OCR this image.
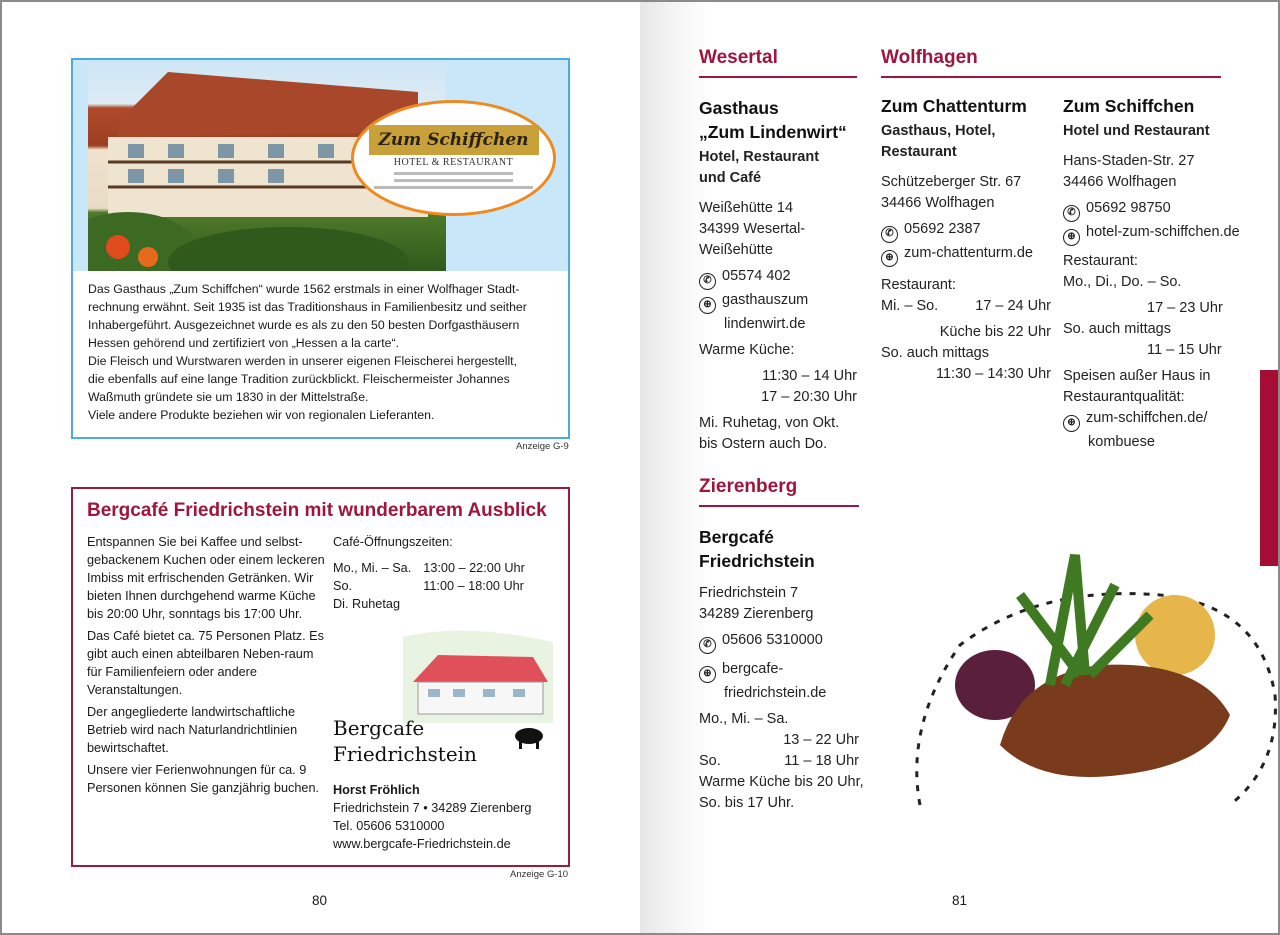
Zum Schiffchen
HOTEL & RESTAURANT
Das Gasthaus „Zum Schiffchen“ wurde 1562 erstmals in einer Wolfhager Stadt-
rechnung erwähnt. Seit 1935 ist das Traditionshaus in Familienbesitz und seither
Inhabergeführt. Ausgezeichnet wurde es als zu den 50 besten Dorfgasthäusern
Hessen gehörend und zertifiziert von „Hessen a la carte“.
Die Fleisch und Wurstwaren werden in unserer eigenen Fleischerei hergestellt,
die ebenfalls auf eine lange Tradition zurückblickt. Fleischermeister Johannes
Waßmuth gründete sie um 1830 in der Mittelstraße.
Viele andere Produkte beziehen wir von regionalen Lieferanten.
Anzeige G-9
Bergcafé Friedrichstein mit wunderbarem Ausblick

Entspannen Sie bei Kaffee und selbst-gebackenem Kuchen oder einem leckeren Imbiss mit erfrischenden Getränken. Wir bieten Ihnen durchgehend warme Küche bis 20:00 Uhr, sonntags bis 17:00 Uhr.

Das Café bietet ca. 75 Personen Platz. Es gibt auch einen abteilbaren Neben-raum für Familienfeiern oder andere Veranstaltungen.

Der angegliederte landwirtschaftliche Betrieb wird nach Naturlandrichtlinien bewirtschaftet.

Unsere vier Ferienwohnungen für ca. 9 Personen können Sie ganzjährig buchen.

Café-Öffnungszeiten:
Mo., Mi. – Sa.	13:00 – 22:00 Uhr
So.	11:00 – 18:00 Uhr
Di. Ruhetag
Bergcafe
Friedrichstein
Horst Fröhlich
Friedrichstein 7 • 34289 Zierenberg
Tel. 05606 5310000
www.bergcafe-Friedrichstein.de
Anzeige G-10
80
Wesertal
Gasthaus
„Zum Lindenwirt“
Hotel, Restaurant
und Café

Weißehütte 14
34399 Wesertal-
Weißehütte

✆ 05574 402

⊕ gasthauszum
lindenwirt.de

Warme Küche:

11:30 – 14 Uhr
17 – 20:30 Uhr

Mi. Ruhetag, von Okt.
bis Ostern auch Do.

Wolfhagen
Zum Chattenturm
Gasthaus, Hotel,
Restaurant

Schützeberger Str. 67
34466 Wolfhagen

✆ 05692 2387

⊕ zum-chattenturm.de

Restaurant:
Mi. – So.	17 – 24 Uhr

Küche bis 22 Uhr
So. auch mittags
11:30 – 14:30 Uhr

Zum Schiffchen
Hotel und Restaurant

Hans-Staden-Str. 27
34466 Wolfhagen

✆ 05692 98750

⊕ hotel-zum-schiffchen.de

Restaurant:
Mo., Di., Do. – So.

17 – 23 Uhr
So. auch mittags
11 – 15 Uhr

Speisen außer Haus in
Restaurantqualität:
⊕ zum-schiffchen.de/
kombuese

Zierenberg
Bergcafé
Friedrichstein

Friedrichstein 7
34289 Zierenberg

✆ 05606 5310000

⊕ bergcafe-
friedrichstein.de

Mo., Mi. – Sa.
13 – 22 Uhr
So.	11 – 18 Uhr
Warme Küche bis 20 Uhr,
So. bis 17 Uhr.
81
